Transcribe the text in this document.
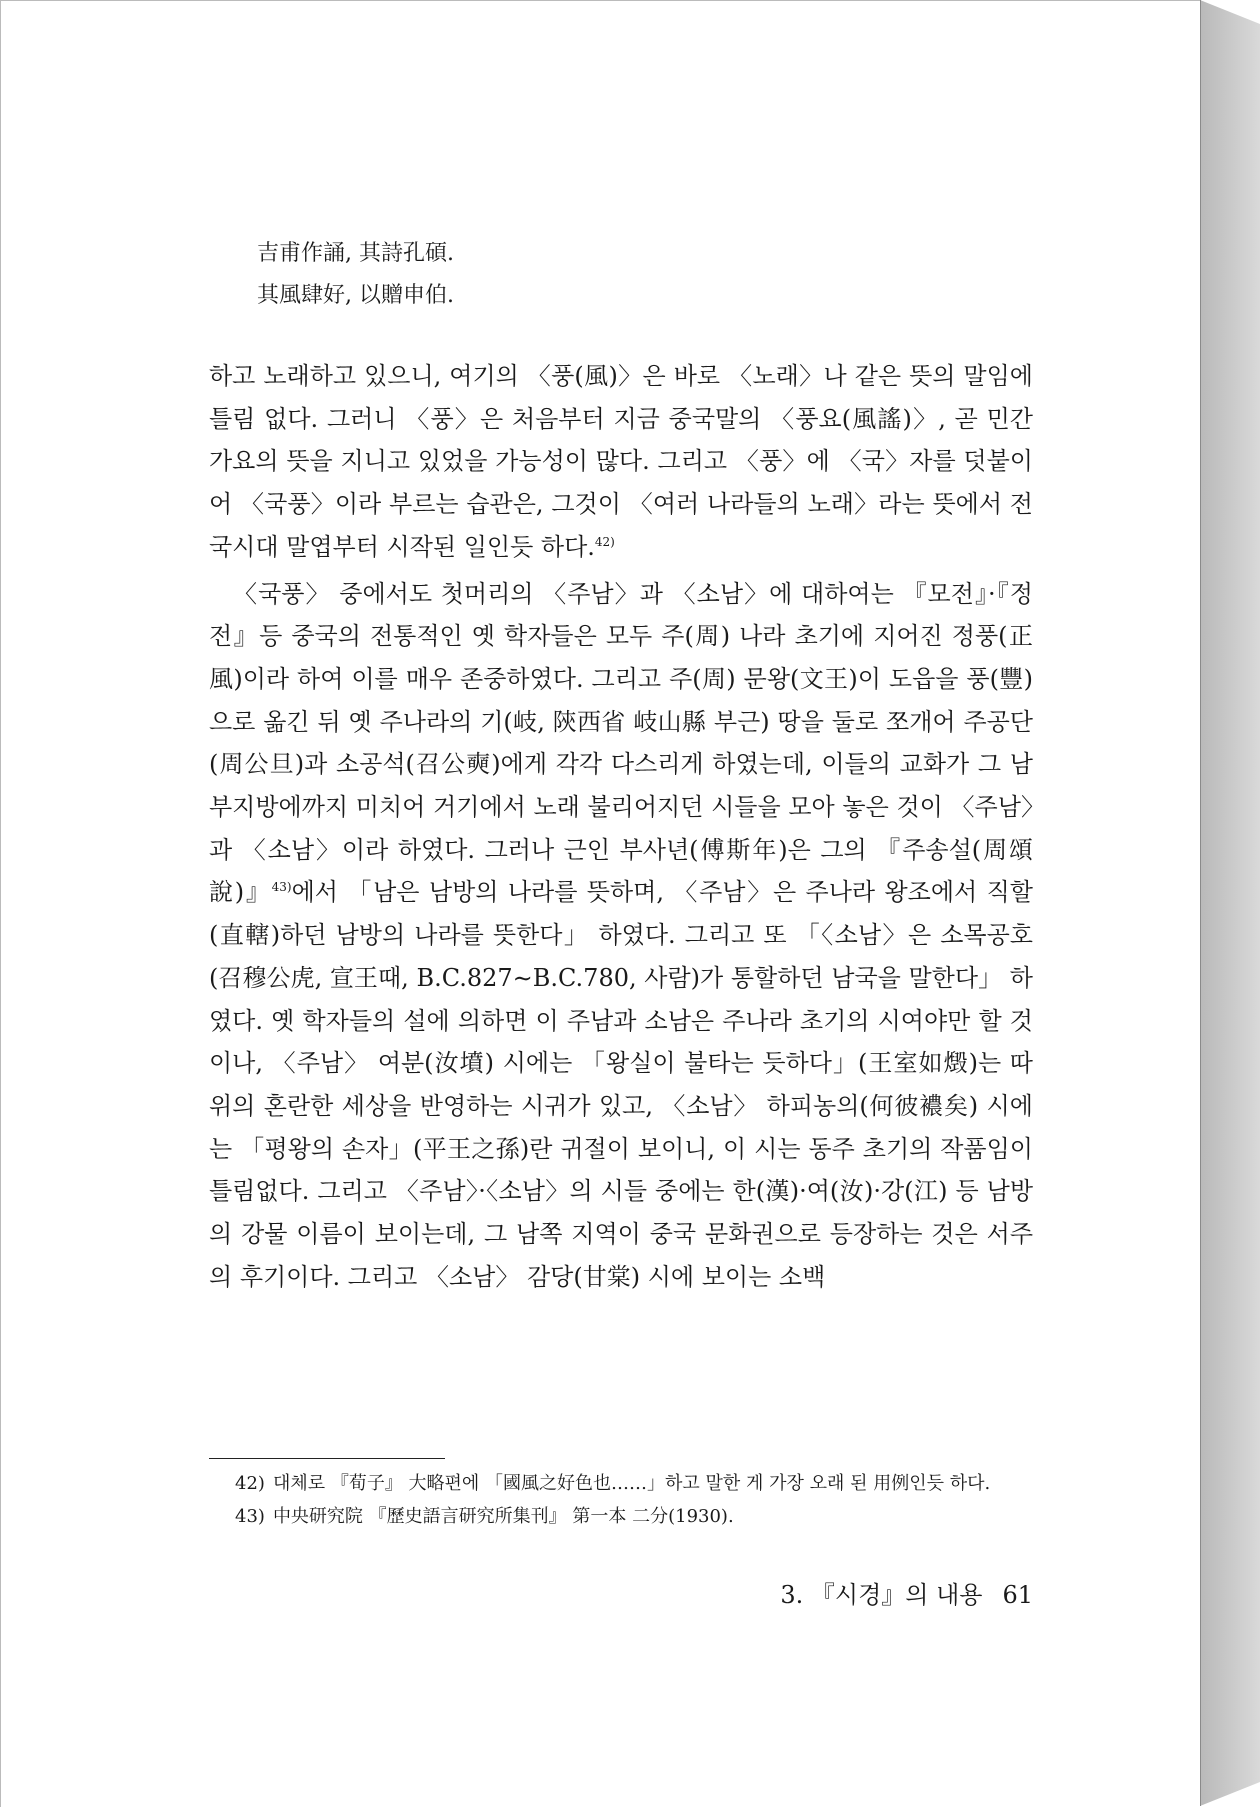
吉甫作誦, 其詩孔碩.
其風肆好, 以贈申伯.

하고 노래하고 있으니, 여기의 〈풍(風)〉은 바로 〈노래〉나 같은 뜻의 말임에 틀림 없다. 그러니 〈풍〉은 처음부터 지금 중국말의 〈풍요(風謠)〉, 곧 민간가요의 뜻을 지니고 있었을 가능성이 많다. 그리고 〈풍〉에 〈국〉자를 덧붙이어 〈국풍〉이라 부르는 습관은, 그것이 〈여러 나라들의 노래〉라는 뜻에서 전국시대 말엽부터 시작된 일인듯 하다.$^{42)}$

〈국풍〉 중에서도 첫머리의 〈주남〉과 〈소남〉에 대하여는 『모전』·『정전』등 중국의 전통적인 옛 학자들은 모두 주(周) 나라 초기에 지어진 정풍(正風)이라 하여 이를 매우 존중하였다. 그리고 주(周) 문왕(文王)이 도읍을 풍(豐)으로 옮긴 뒤 옛 주나라의 기(岐, 陝西省 岐山縣 부근) 땅을 둘로 쪼개어 주공단(周公旦)과 소공석(召公奭)에게 각각 다스리게 하였는데, 이들의 교화가 그 남부지방에까지 미치어 거기에서 노래 불리어지던 시들을 모아 놓은 것이 〈주남〉과 〈소남〉이라 하였다. 그러나 근인 부사년(傅斯年)은 그의 『주송설(周頌說)』$^{43)}$에서 「남은 남방의 나라를 뜻하며, 〈주남〉은 주나라 왕조에서 직할(直轄)하던 남방의 나라를 뜻한다」 하였다. 그리고 또 「〈소남〉은 소목공호(召穆公虎, 宣王때, B.C.827∼B.C.780, 사람)가 통할하던 남국을 말한다」 하였다. 옛 학자들의 설에 의하면 이 주남과 소남은 주나라 초기의 시여야만 할 것이나, 〈주남〉 여분(汝墳) 시에는 「왕실이 불타는 듯하다」(王室如燬)는 따위의 혼란한 세상을 반영하는 시귀가 있고, 〈소남〉 하피농의(何彼襛矣) 시에는 「평왕의 손자」(平王之孫)란 귀절이 보이니, 이 시는 동주 초기의 작품임이 틀림없다. 그리고 〈주남〉·〈소남〉의 시들 중에는 한(漢)·여(汝)·강(江) 등 남방의 강물 이름이 보이는데, 그 남쪽 지역이 중국 문화권으로 등장하는 것은 서주의 후기이다. 그리고 〈소남〉 감당(甘棠) 시에 보이는 소백

42) 대체로 『荀子』 大略편에 「國風之好色也……」하고 말한 게 가장 오래 된 用例인듯 하다.
43) 中央研究院 『歷史語言研究所集刊』 第一本 二分(1930).
3. 『시경』의 내용 61
